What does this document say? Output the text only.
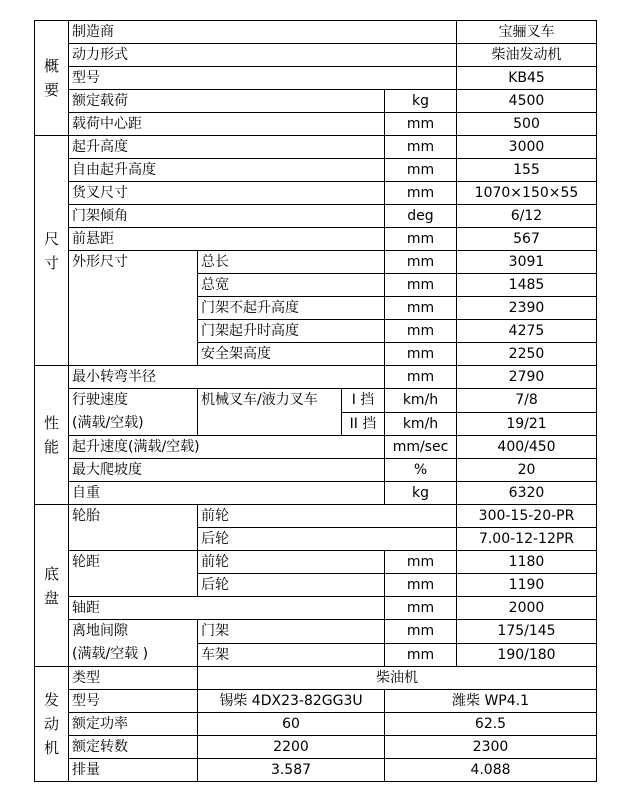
概
要	制造商				宝骊叉车
	动力形式				柴油发动机
	型号				KB45
	额定载荷			kg	4500
	载荷中心距			mm	500

尺
寸	起升高度			mm	3000
	自由起升高度			mm	155
	货叉尺寸			mm	1070×150×55
	门架倾角			deg	6/12
	前悬距			mm	567
	外形尺寸	总长		mm	3091
		总宽		mm	1485
		门架不起升高度		mm	2390
		门架起升时高度		mm	4275
		安全架高度		mm	2250

性
能	最小转弯半径			mm	2790
	行驶速度
(满载/空载)	机械叉车/液力叉车	I 挡	km/h	7/8
			II 挡	km/h	19/21
	起升速度(满载/空载)			mm/sec	400/450
	最大爬坡度			%	20
	自重			kg	6320

底
盘	轮胎	前轮			300-15-20-PR
		后轮			7.00-12-12PR
	轮距	前轮		mm	1180
		后轮		mm	1190
	轴距			mm	2000
	离地间隙
(满载/空载 )	门架		mm	175/145
		车架		mm	190/180

发
动
机	类型	柴油机			
	型号	锡柴 4DX23-82GG3U		潍柴 WP4.1	
	额定功率	60		62.5	
	额定转数	2200		2300	
	排量	3.587		4.088	
